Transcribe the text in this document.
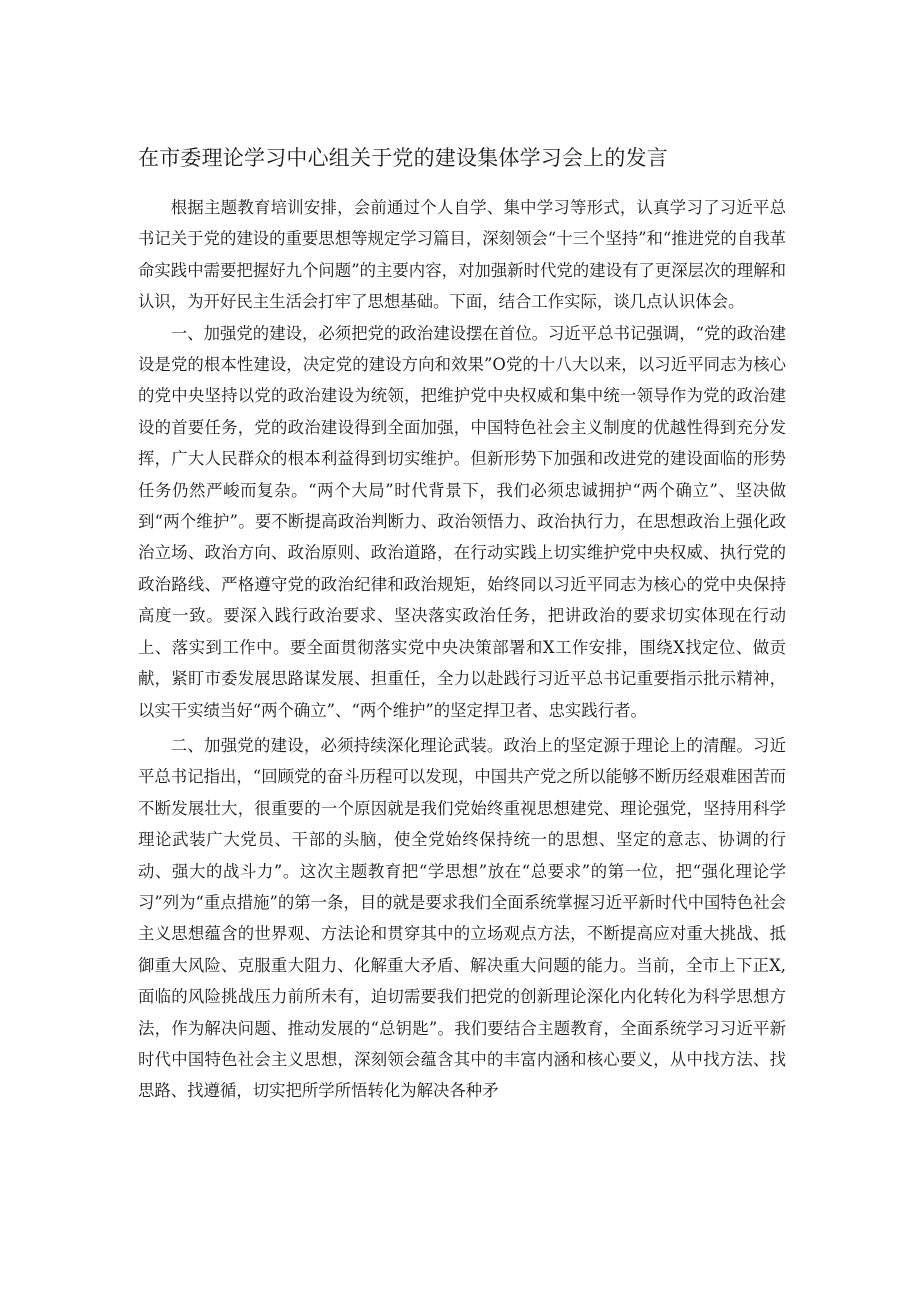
在市委理论学习中心组关于党的建设集体学习会上的发言

根据主题教育培训安排，会前通过个人自学、集中学习等形式，认真学习了习近平总书记关于党的建设的重要思想等规定学习篇目，深刻领会“十三个坚持”和“推进党的自我革命实践中需要把握好九个问题”的主要内容，对加强新时代党的建设有了更深层次的理解和认识，为开好民主生活会打牢了思想基础。下面，结合工作实际，谈几点认识体会。

一、加强党的建设，必须把党的政治建设摆在首位。习近平总书记强调，“党的政治建设是党的根本性建设，决定党的建设方向和效果”O党的十八大以来，以习近平同志为核心的党中央坚持以党的政治建设为统领，把维护党中央权威和集中统一领导作为党的政治建设的首要任务，党的政治建设得到全面加强，中国特色社会主义制度的优越性得到充分发挥，广大人民群众的根本利益得到切实维护。但新形势下加强和改进党的建设面临的形势任务仍然严峻而复杂。“两个大局”时代背景下，我们必须忠诚拥护“两个确立”、坚决做到“两个维护”。要不断提高政治判断力、政治领悟力、政治执行力，在思想政治上强化政治立场、政治方向、政治原则、政治道路，在行动实践上切实维护党中央权威、执行党的政治路线、严格遵守党的政治纪律和政治规矩，始终同以习近平同志为核心的党中央保持高度一致。要深入践行政治要求、坚决落实政治任务，把讲政治的要求切实体现在行动上、落实到工作中。要全面贯彻落实党中央决策部署和X工作安排，围绕X找定位、做贡献，紧盯市委发展思路谋发展、担重任，全力以赴践行习近平总书记重要指示批示精神，以实干实绩当好“两个确立”、“两个维护”的坚定捍卫者、忠实践行者。

二、加强党的建设，必须持续深化理论武装。政治上的坚定源于理论上的清醒。习近平总书记指出，“回顾党的奋斗历程可以发现，中国共产党之所以能够不断历经艰难困苦而不断发展壮大，很重要的一个原因就是我们党始终重视思想建党、理论强党，坚持用科学理论武装广大党员、干部的头脑，使全党始终保持统一的思想、坚定的意志、协调的行动、强大的战斗力”。这次主题教育把“学思想”放在“总要求”的第一位，把“强化理论学习”列为“重点措施”的第一条，目的就是要求我们全面系统掌握习近平新时代中国特色社会主义思想蕴含的世界观、方法论和贯穿其中的立场观点方法，不断提高应对重大挑战、抵御重大风险、克服重大阻力、化解重大矛盾、解决重大问题的能力。当前，全市上下正X,面临的风险挑战压力前所未有，迫切需要我们把党的创新理论深化内化转化为科学思想方法，作为解决问题、推动发展的“总钥匙”。我们要结合主题教育，全面系统学习习近平新时代中国特色社会主义思想，深刻领会蕴含其中的丰富内涵和核心要义，从中找方法、找思路、找遵循，切实把所学所悟转化为解决各种矛
